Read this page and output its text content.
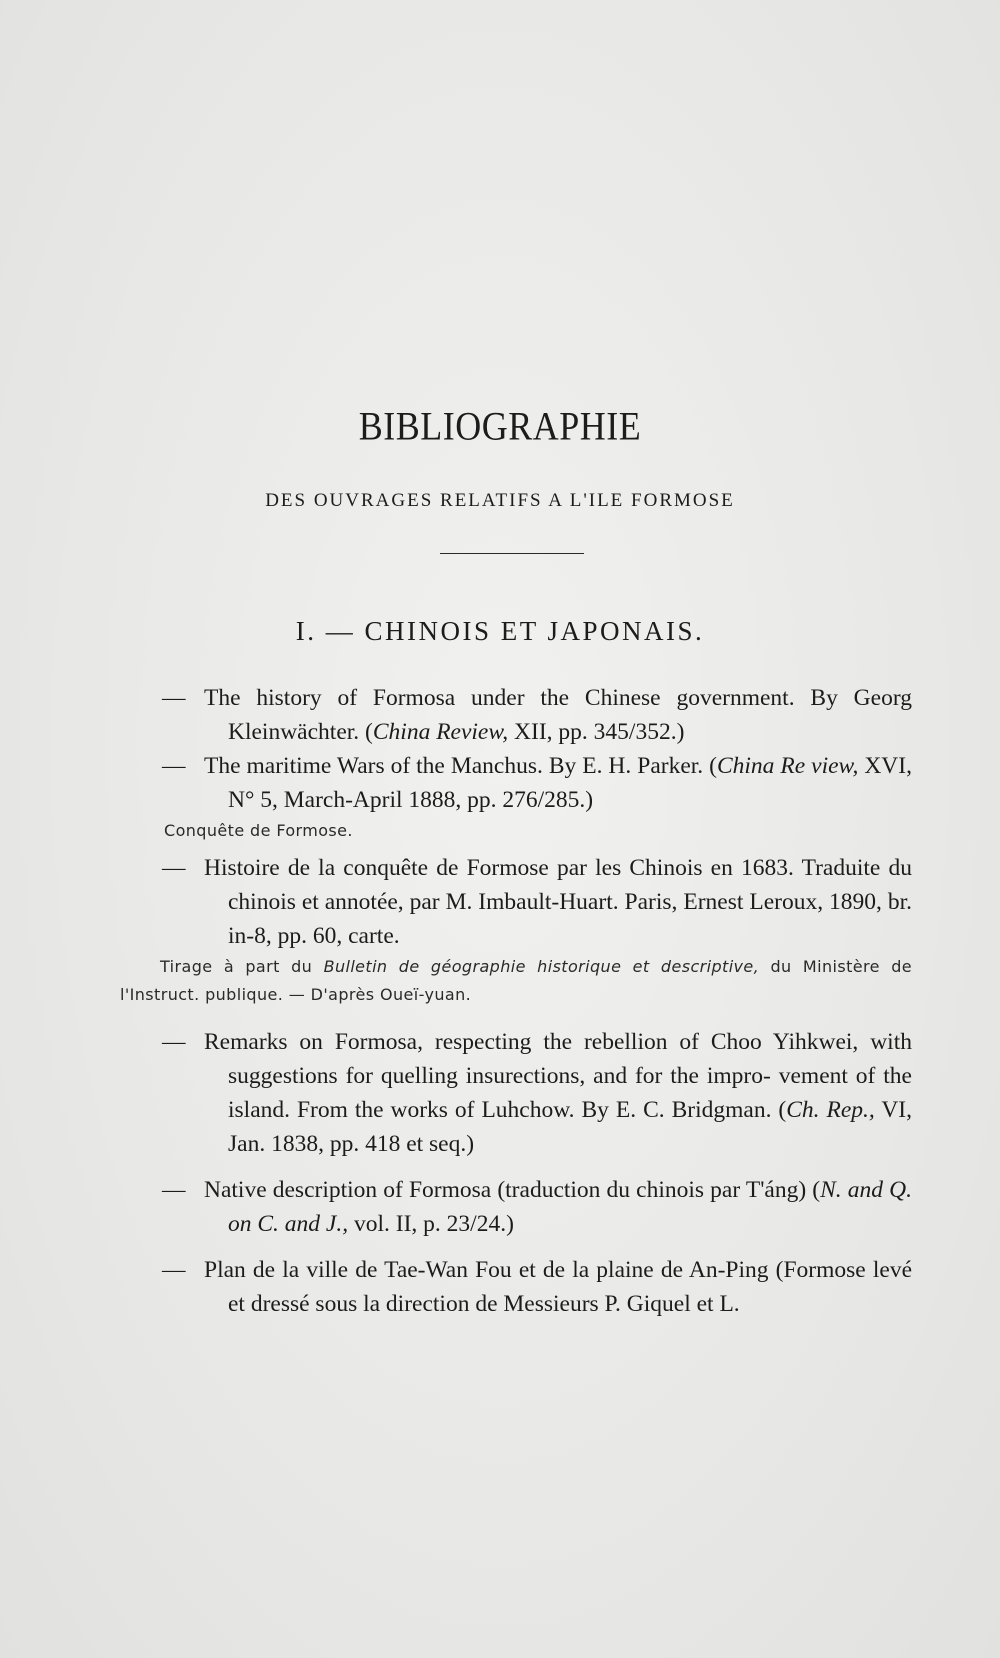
BIBLIOGRAPHIE
DES OUVRAGES RELATIFS A L'ILE FORMOSE
I. — CHINOIS ET JAPONAIS.

— The history of Formosa under the Chinese government. By Georg Kleinwächter. (China Review, XII, pp. 345/352.)

— The maritime Wars of the Manchus. By E. H. Parker. (China Re view, XVI, N° 5, March-April 1888, pp. 276/285.)

Conquête de Formose.

— Histoire de la conquête de Formose par les Chinois en 1683. Traduite du chinois et annotée, par M. Imbault-Huart. Paris, Ernest Leroux, 1890, br. in-8, pp. 60, carte.

Tirage à part du Bulletin de géographie historique et descriptive, du Ministère de l'Instruct. publique. — D'après Oueï-yuan.

— Remarks on Formosa, respecting the rebellion of Choo Yihkwei, with suggestions for quelling insurections, and for the impro- vement of the island. From the works of Luhchow. By E. C. Bridgman. (Ch. Rep., VI, Jan. 1838, pp. 418 et seq.)

— Native description of Formosa (traduction du chinois par T'áng) (N. and Q. on C. and J., vol. II, p. 23/24.)

— Plan de la ville de Tae-Wan Fou et de la plaine de An-Ping (Formose levé et dressé sous la direction de Messieurs P. Giquel et L.
